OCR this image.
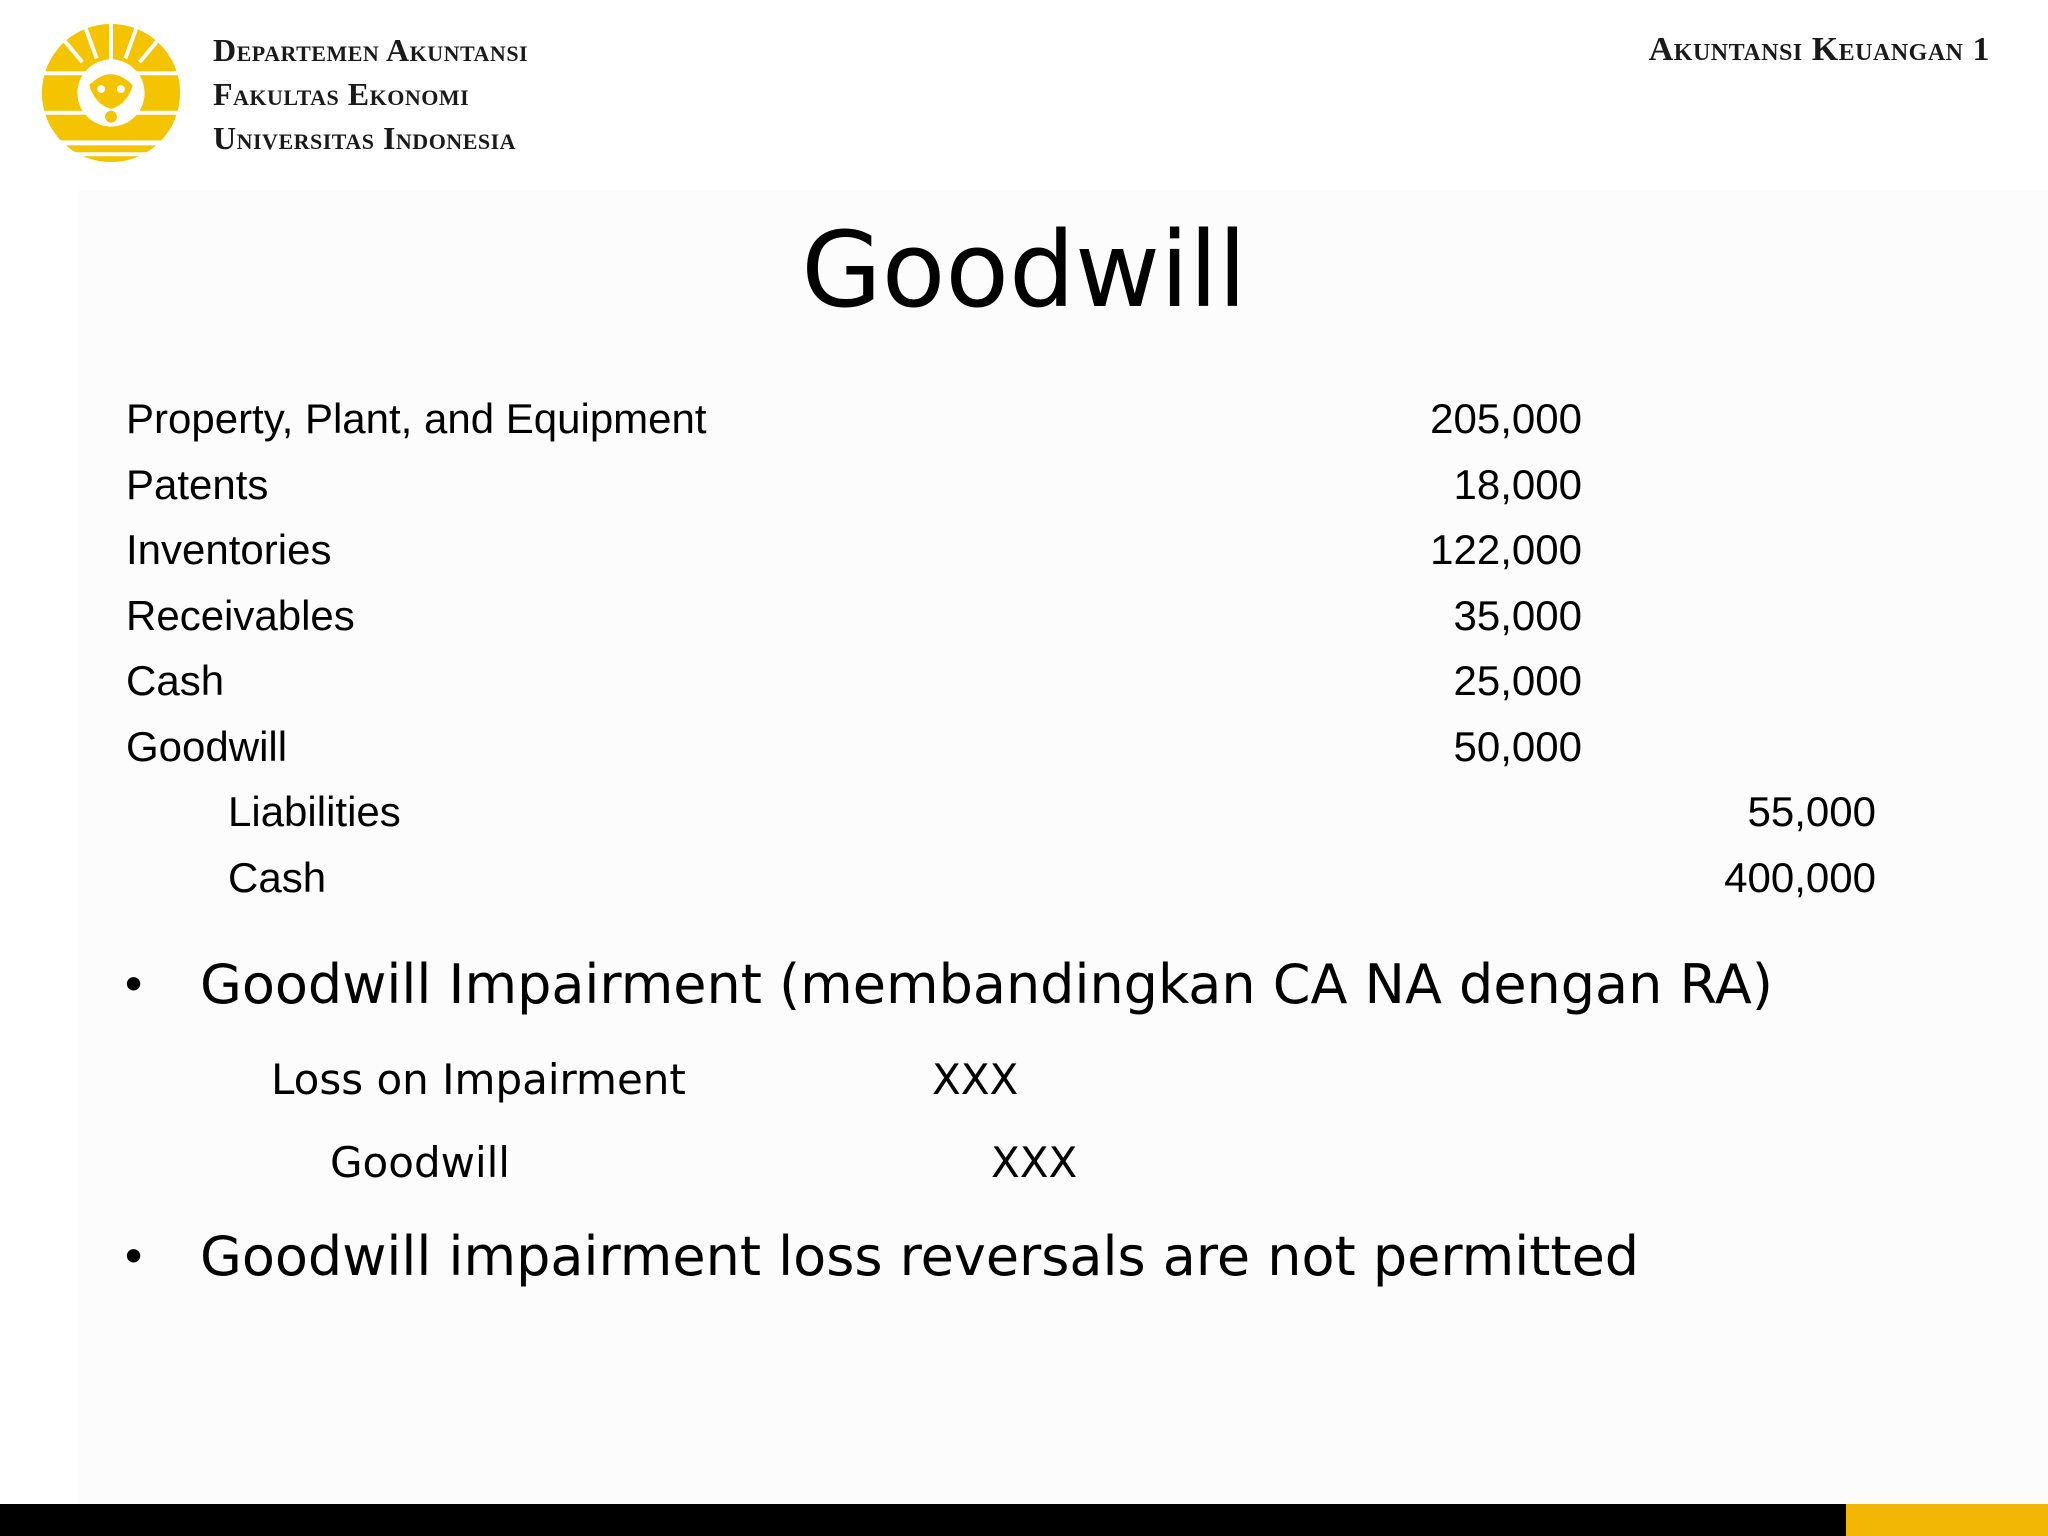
Departemen Akuntansi
Fakultas Ekonomi
Universitas Indonesia
Akuntansi Keuangan 1
Goodwill
Property, Plant, and Equipment	205,000
Patents	18,000
Inventories	122,000
Receivables	35,000
Cash	25,000
Goodwill	50,000
Liabilities	55,000
Cash	400,000
• Goodwill Impairment (membandingkan CA NA dengan RA)
Loss on Impairment	XXX
Goodwill	XXX
• Goodwill impairment loss reversals are not permitted
